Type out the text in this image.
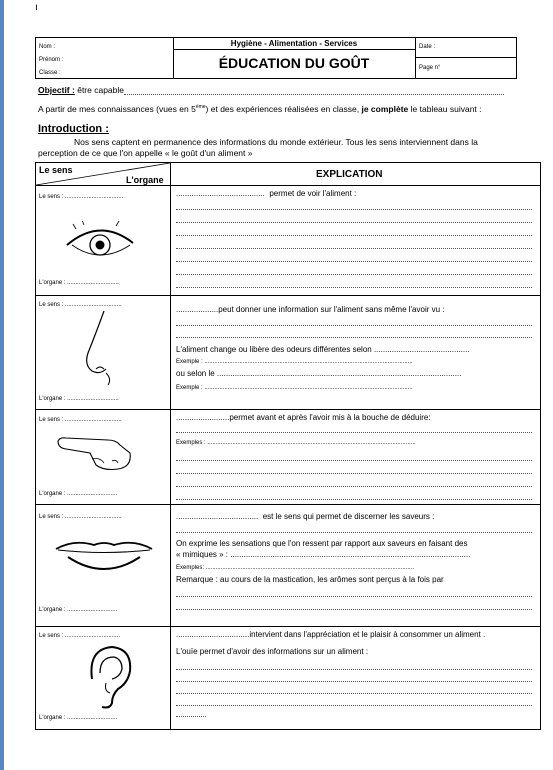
ı
Nom :
Prénom :
Classe :
Hygiène - Alimentation - Services
ÉDUCATION DU GOÛT
Date :
Page n°
Objectif : être capable
A partir de mes connaissances (vues en 5ème) et des expériences réalisées en classe, je complète le tableau suivant :
Introduction :
Nos sens captent en permanence des informations du monde extérieur. Tous les sens interviennent dans la
perception de ce que l'on appelle « le goût d'un aliment »
Le sens
L'organe	EXPLICATION
Le sens : ...................................
L'organe : ...............................
........................................  permet de voir l'aliment :
Le sens : ..................................
L'organe : ...............................
...................peut donner une information sur l'aliment sans même l'avoir vu :
L'aliment change ou libère des odeurs différentes selon ...........................................
Exemple : .............................................................................................................................
ou selon le ..............................................................................................................
Exemple : .............................................................................................................................
Le sens : ..................................
L'organe : ..............................
........................permet avant et après l'avoir mis à la bouche de déduire:
Exemples : .............................................................................................................................
Le sens : ..................................
L'organe : ..............................
.....................................  est le sens qui permet de discerner les saveurs :
On exprime les sensations que l'on ressent par rapport aux saveurs en faisant des
« mimiques » : ............................................................................................................
Exemples: .............................................................................................................................
Remarque : au cours de la mastication, les arômes sont perçus à la fois par
Le sens : .................................
L'organe : ..............................
.................................intervient dans l'appréciation et le plaisir à consommer un aliment .
L'ouïe permet d'avoir des informations sur un aliment :
